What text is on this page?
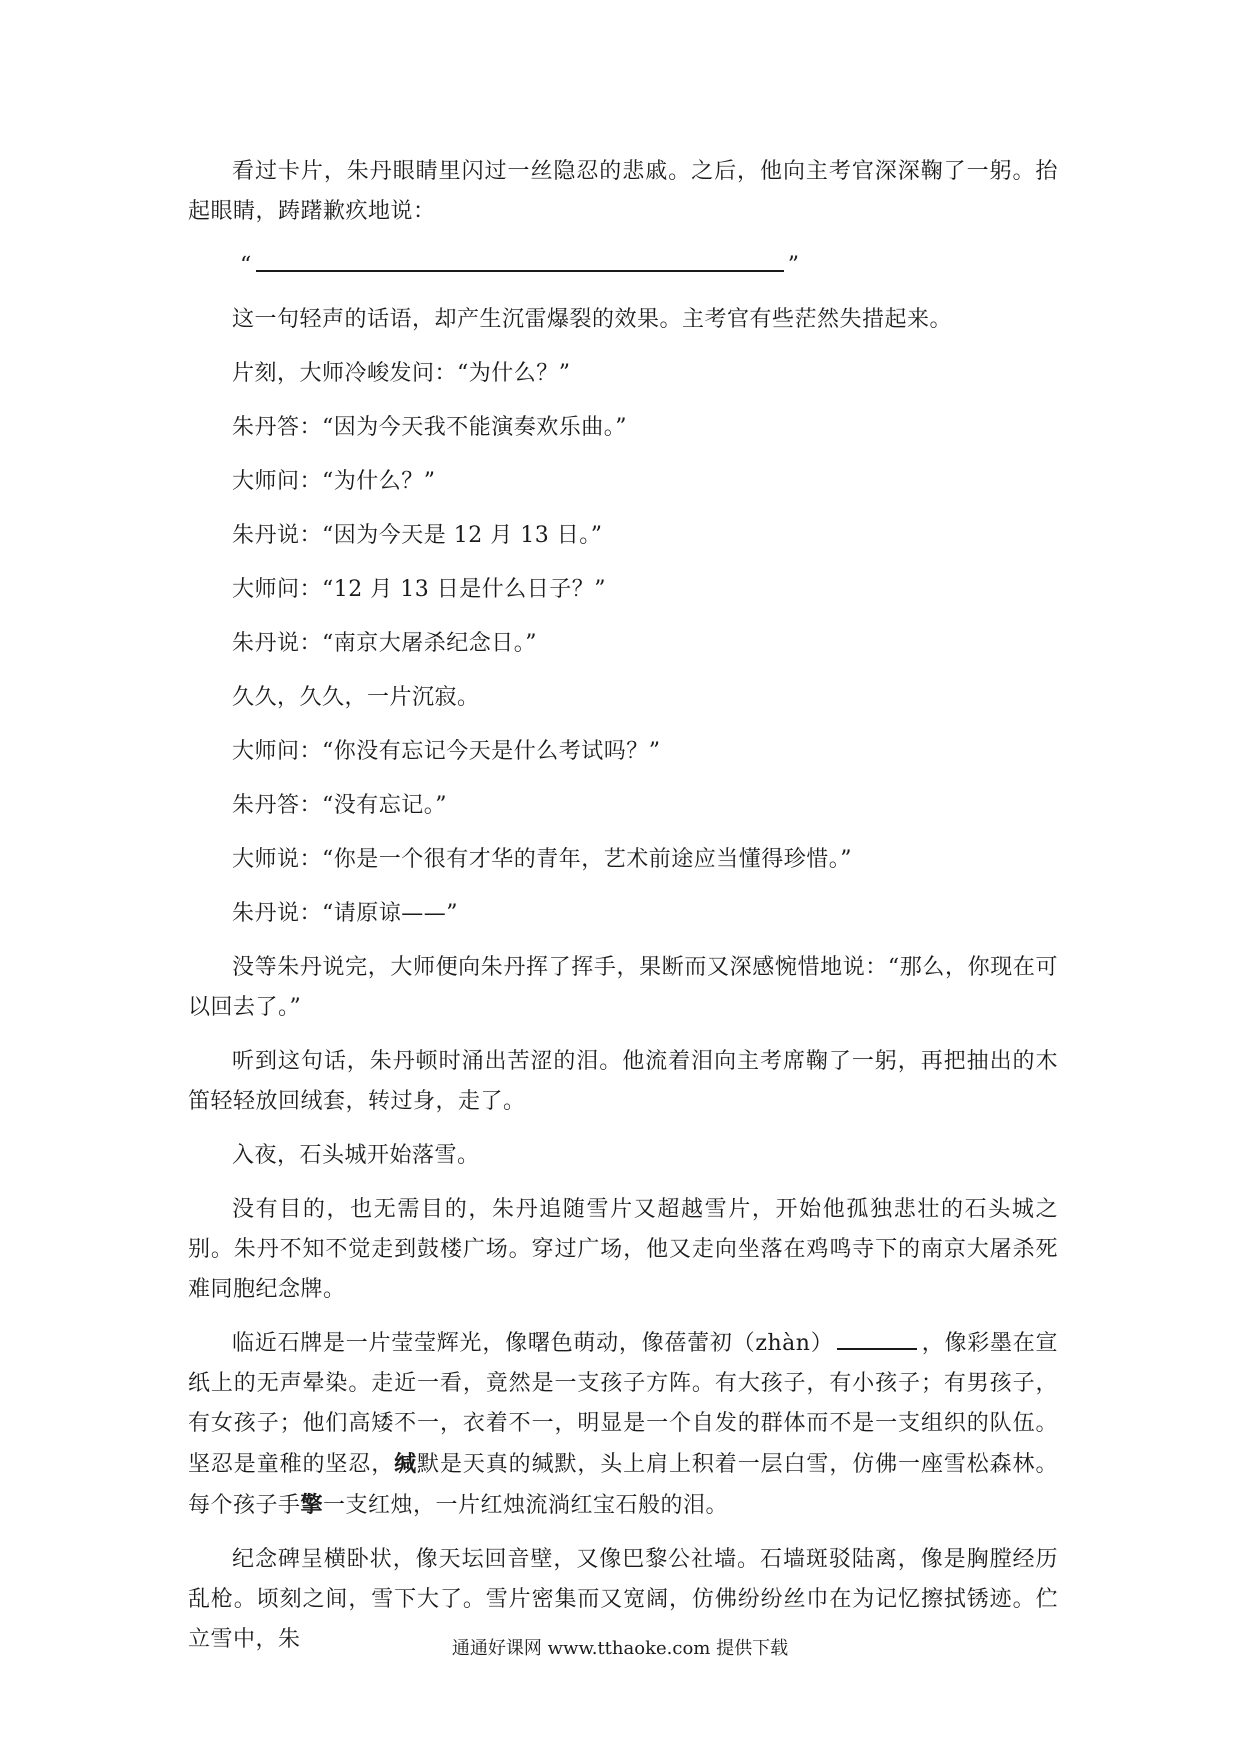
看过卡片，朱丹眼睛里闪过一丝隐忍的悲戚。之后，他向主考官深深鞠了一躬。抬起眼睛，踌躇歉疚地说：

“	”

这一句轻声的话语，却产生沉雷爆裂的效果。主考官有些茫然失措起来。

片刻，大师冷峻发问：“为什么？”

朱丹答：“因为今天我不能演奏欢乐曲。”

大师问：“为什么？”

朱丹说：“因为今天是 12 月 13 日。”

大师问：“12 月 13 日是什么日子？”

朱丹说：“南京大屠杀纪念日。”

久久，久久，一片沉寂。

大师问：“你没有忘记今天是什么考试吗？”

朱丹答：“没有忘记。”

大师说：“你是一个很有才华的青年，艺术前途应当懂得珍惜。”

朱丹说：“请原谅——”

没等朱丹说完，大师便向朱丹挥了挥手，果断而又深感惋惜地说：“那么，你现在可以回去了。”

听到这句话，朱丹顿时涌出苦涩的泪。他流着泪向主考席鞠了一躬，再把抽出的木笛轻轻放回绒套，转过身，走了。

入夜，石头城开始落雪。

没有目的，也无需目的，朱丹追随雪片又超越雪片，开始他孤独悲壮的石头城之别。朱丹不知不觉走到鼓楼广场。穿过广场，他又走向坐落在鸡鸣寺下的南京大屠杀死难同胞纪念牌。

临近石牌是一片莹莹辉光，像曙色萌动，像蓓蕾初（zhàn）	，像彩墨在宣纸上的无声晕染。走近一看，竟然是一支孩子方阵。有大孩子，有小孩子；有男孩子，有女孩子；他们高矮不一，衣着不一，明显是一个自发的群体而不是一支组织的队伍。坚忍是童稚的坚忍，缄默是天真的缄默，头上肩上积着一层白雪，仿佛一座雪松森林。每个孩子手擎一支红烛，一片红烛流淌红宝石般的泪。

纪念碑呈横卧状，像天坛回音壁，又像巴黎公社墙。石墙斑驳陆离，像是胸膛经历乱枪。顷刻之间，雪下大了。雪片密集而又宽阔，仿佛纷纷丝巾在为记忆擦拭锈迹。伫立雪中，朱	通通好课网 www.tthaoke.com 提供下载
